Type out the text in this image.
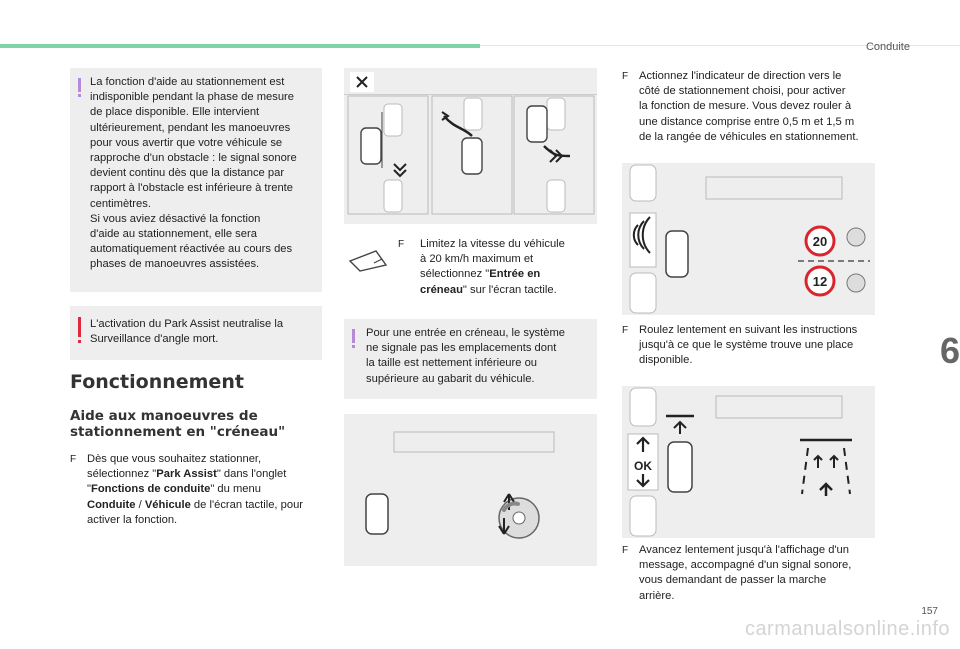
Conduite
6
157
carmanualsonline.info
La fonction d'aide au stationnement est
indisponible pendant la phase de mesure
de place disponible. Elle intervient
ultérieurement, pendant les manoeuvres
pour vous avertir que votre véhicule se
rapproche d'un obstacle : le signal sonore
devient continu dès que la distance par
rapport à l'obstacle est inférieure à trente
centimètres.
Si vous aviez désactivé la fonction
d'aide au stationnement, elle sera
automatiquement réactivée au cours des
phases de manoeuvres assistées.
L'activation du Park Assist neutralise la
Surveillance d'angle mort.
Fonctionnement
Aide aux manoeuvres de stationnement en "créneau"
F Dès que vous souhaitez stationner,
sélectionnez "Park Assist" dans l'onglet
"Fonctions de conduite" du menu
Conduite / Véhicule de l'écran tactile, pour
activer la fonction.
F Limitez la vitesse du véhicule
à 20 km/h maximum et
sélectionnez "Entrée en
créneau" sur l'écran tactile.
Pour une entrée en créneau, le système
ne signale pas les emplacements dont
la taille est nettement inférieure ou
supérieure au gabarit du véhicule.
F Actionnez l'indicateur de direction vers le
côté de stationnement choisi, pour activer
la fonction de mesure. Vous devez rouler à
une distance comprise entre 0,5 m et 1,5 m
de la rangée de véhicules en stationnement.
20
12
F Roulez lentement en suivant les instructions
jusqu'à ce que le système trouve une place
disponible.
OK
F Avancez lentement jusqu'à l'affichage d'un
message, accompagné d'un signal sonore,
vous demandant de passer la marche
arrière.
